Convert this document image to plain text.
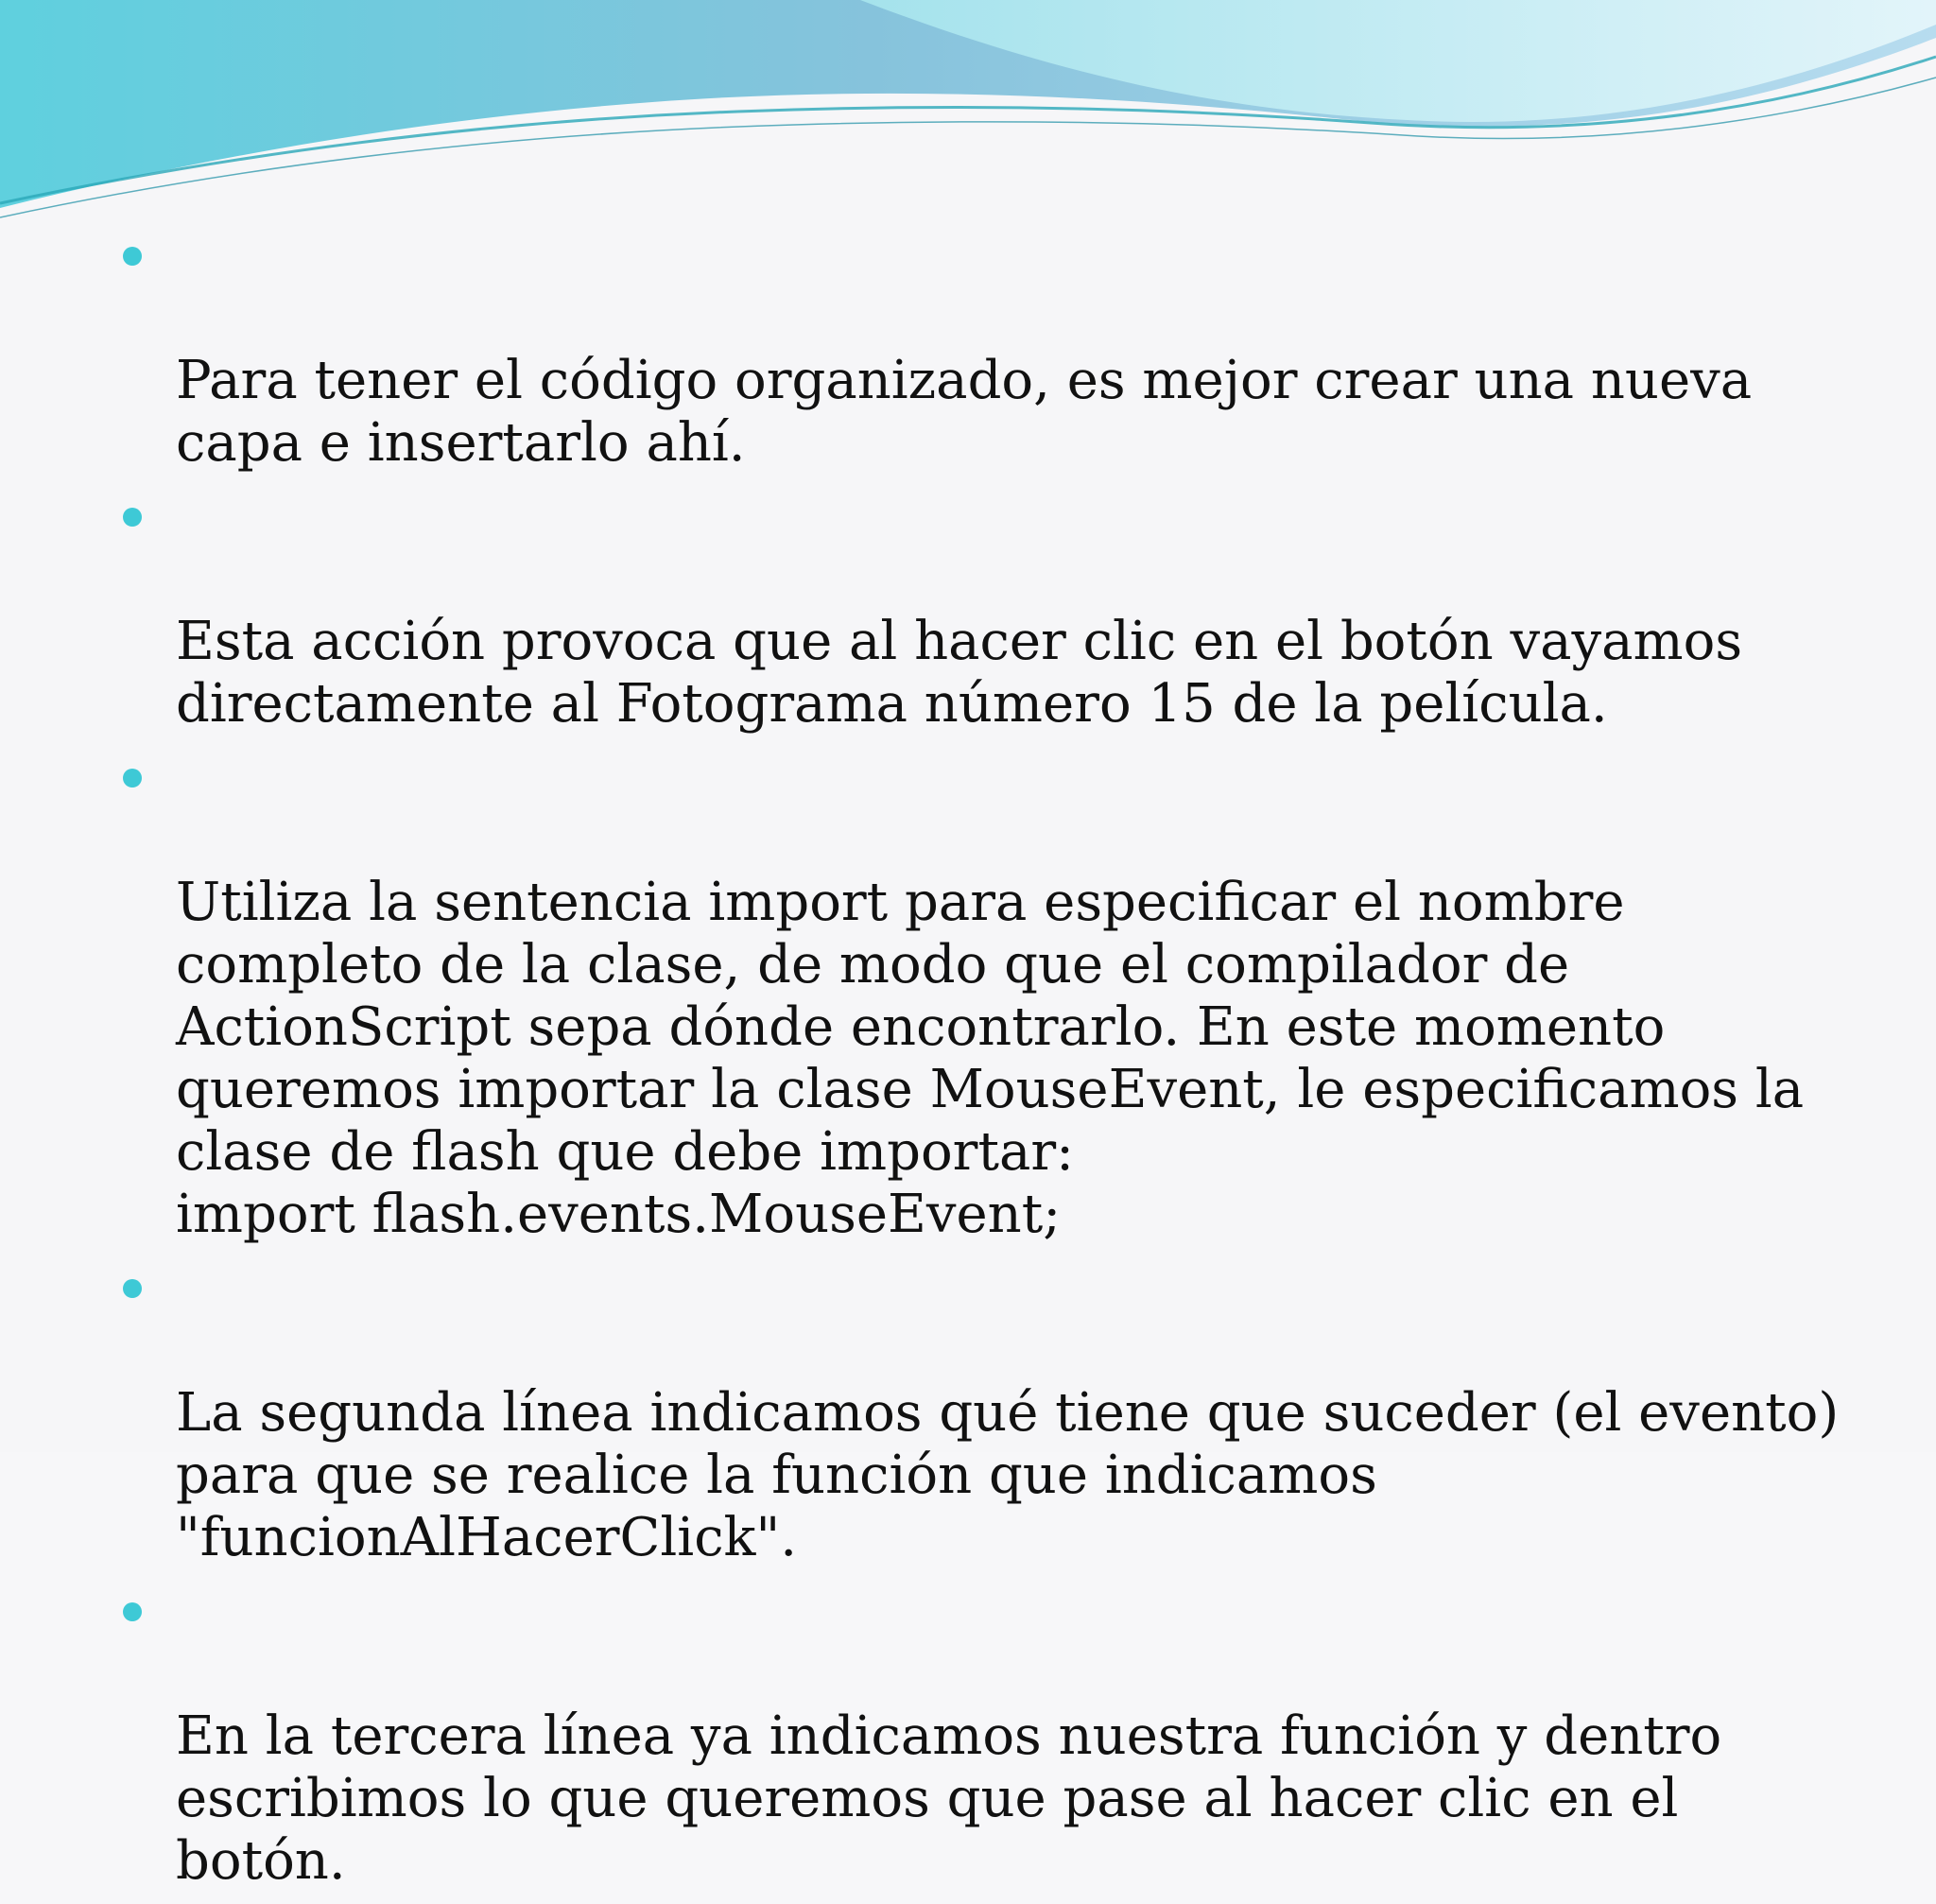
Para tener el código organizado, es mejor crear una nueva
capa e insertarlo ahí.

Esta acción provoca que al hacer clic en el botón vayamos
directamente al Fotograma número 15 de la película.

Utiliza la sentencia import para especificar el nombre
completo de la clase, de modo que el compilador de
ActionScript sepa dónde encontrarlo. En este momento
queremos importar la clase MouseEvent, le especificamos la
clase de flash que debe importar:
import flash.events.MouseEvent;

La segunda línea indicamos qué tiene que suceder (el evento)
para que se realice la función que indicamos
"funcionAlHacerClick".

En la tercera línea ya indicamos nuestra función y dentro
escribimos lo que queremos que pase al hacer clic en el
botón.
